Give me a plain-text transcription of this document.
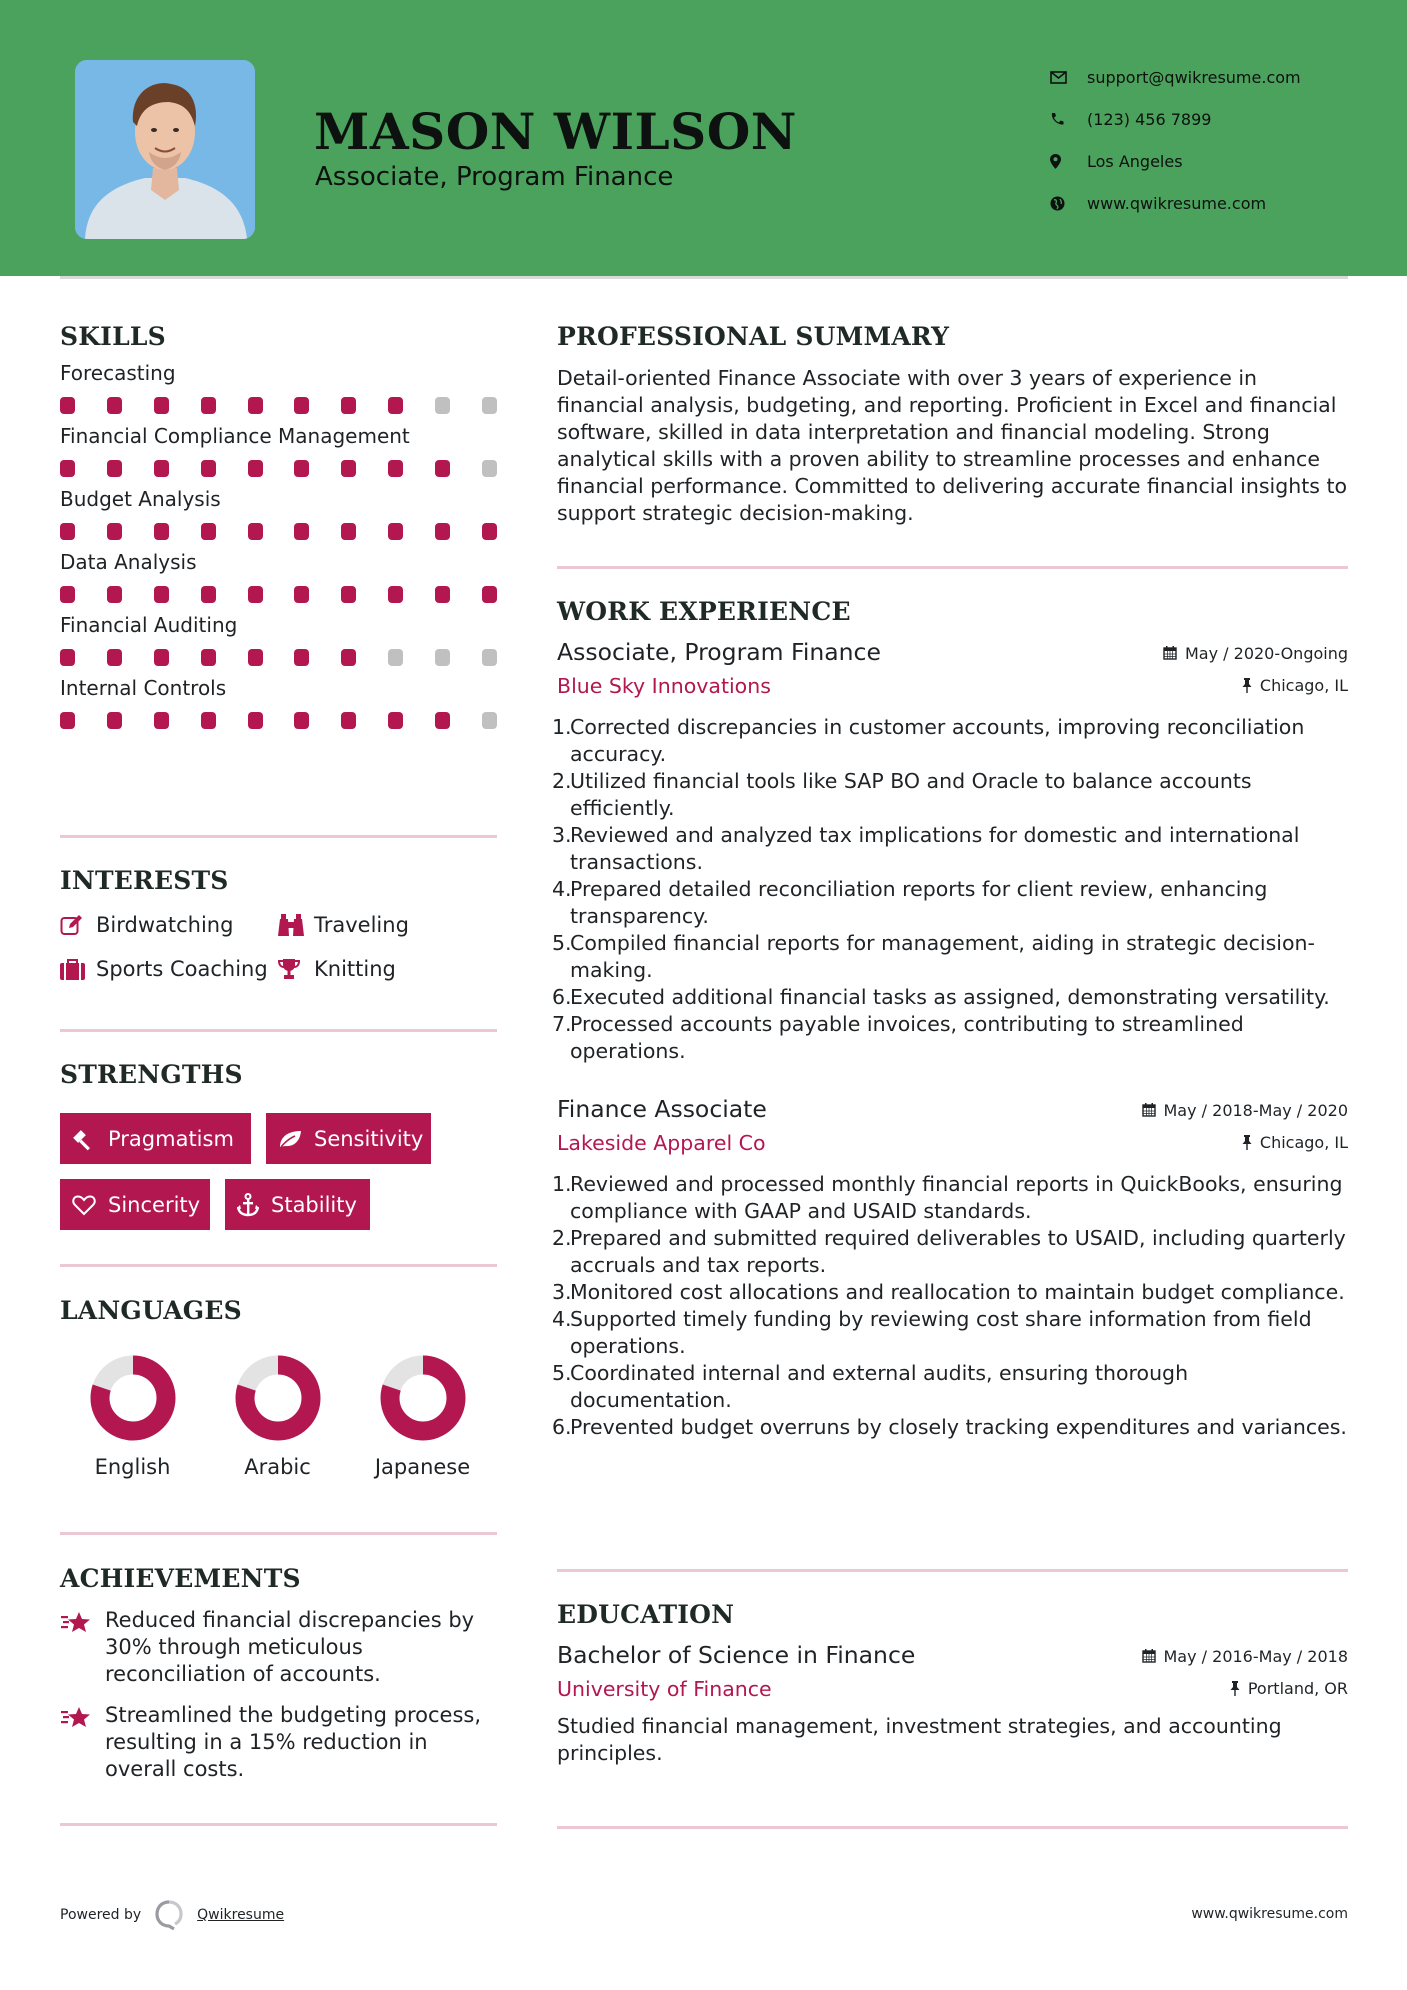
MASON WILSON
Associate, Program Finance
support@qwikresume.com
(123) 456 7899
Los Angeles
www.qwikresume.com
SKILLS
Forecasting
Financial Compliance Management
Budget Analysis
Data Analysis
Financial Auditing
Internal Controls
INTERESTS
Birdwatching	Traveling
Sports Coaching Knitting
STRENGTHS
Pragmatism	Sensitivity
Sincerity	Stability
LANGUAGES
English	Arabic	Japanese
ACHIEVEMENTS
Reduced financial discrepancies by 30% through meticulous reconciliation of accounts.
Streamlined the budgeting process, resulting in a 15% reduction in overall costs.
PROFESSIONAL SUMMARY
Detail-oriented Finance Associate with over 3 years of experience in financial analysis, budgeting, and reporting. Proficient in Excel and financial software, skilled in data interpretation and financial modeling. Strong analytical skills with a proven ability to streamline processes and enhance financial performance. Committed to delivering accurate financial insights to support strategic decision-making.
WORK EXPERIENCE
Associate, Program Finance	May / 2020-Ongoing
Blue Sky Innovations	Chicago, IL
1.
Corrected discrepancies in customer accounts, improving reconciliation accuracy.
2.
Utilized financial tools like SAP BO and Oracle to balance accounts efficiently.
3.
Reviewed and analyzed tax implications for domestic and international transactions.
4.
Prepared detailed reconciliation reports for client review, enhancing transparency.
5.
Compiled financial reports for management, aiding in strategic decision-making.
6.
Executed additional financial tasks as assigned, demonstrating versatility.
7.
Processed accounts payable invoices, contributing to streamlined operations.
Finance Associate	May / 2018-May / 2020
Lakeside Apparel Co	Chicago, IL
1.
Reviewed and processed monthly financial reports in QuickBooks, ensuring compliance with GAAP and USAID standards.
2.
Prepared and submitted required deliverables to USAID, including quarterly accruals and tax reports.
3.
Monitored cost allocations and reallocation to maintain budget compliance.
4.
Supported timely funding by reviewing cost share information from field operations.
5.
Coordinated internal and external audits, ensuring thorough documentation.
6.
Prevented budget overruns by closely tracking expenditures and variances.
EDUCATION
Bachelor of Science in Finance	May / 2016-May / 2018
University of Finance	Portland, OR
Studied financial management, investment strategies, and accounting principles.
Powered by	Qwikresume	www.qwikresume.com
